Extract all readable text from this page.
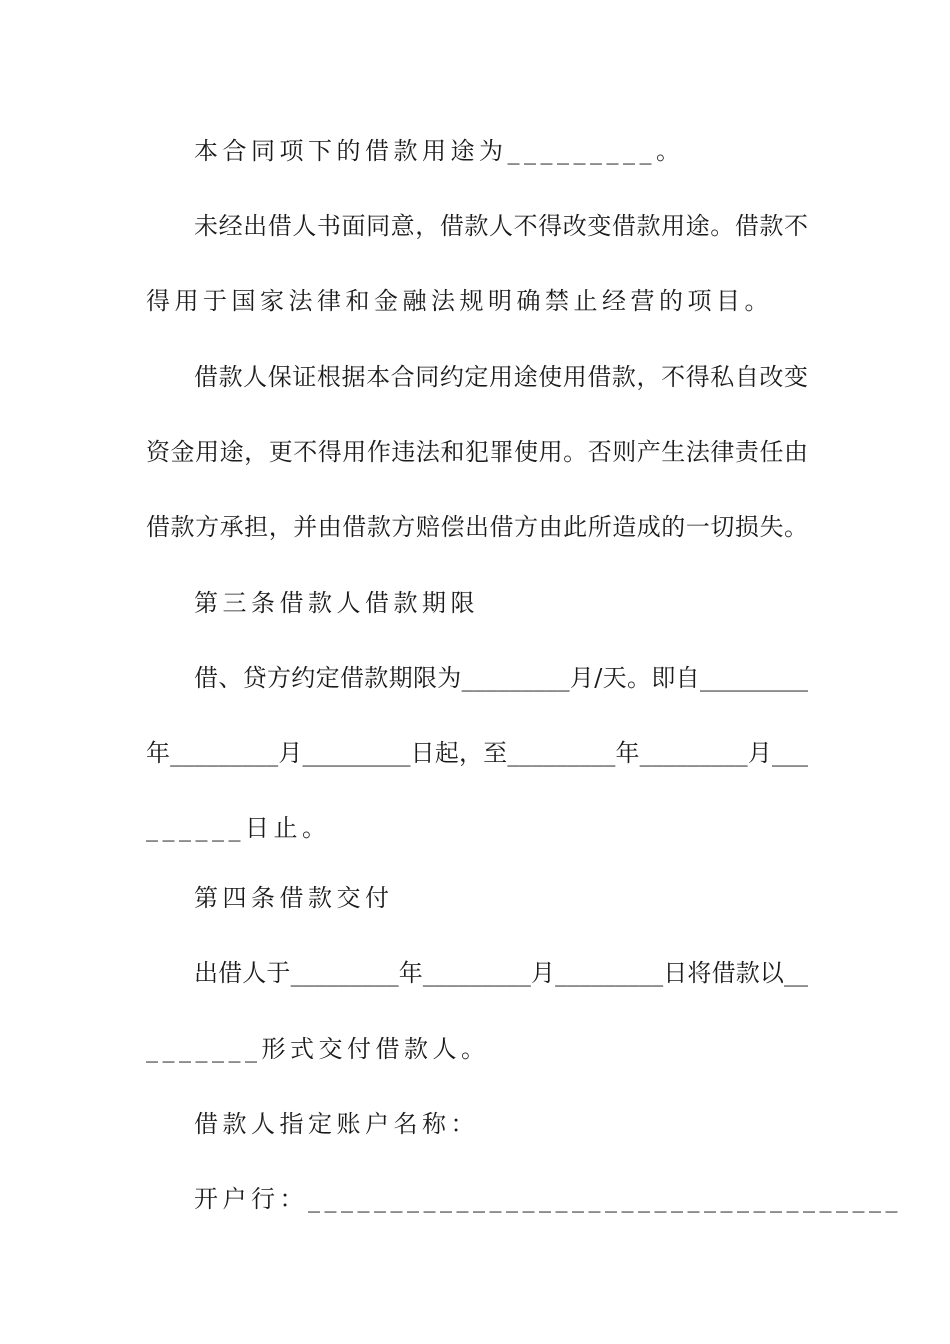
本合同项下的借款用途为_________。
未经出借人书面同意，借款人不得改变借款用途。借款不
得用于国家法律和金融法规明确禁止经营的项目。
借款人保证根据本合同约定用途使用借款，不得私自改变
资金用途，更不得用作违法和犯罪使用。否则产生法律责任由
借款方承担，并由借款方赔偿出借方由此所造成的一切损失。
第三条借款人借款期限
借、贷方约定借款期限为_________月/天。即自_________
年_________月_________日起，至_________年_________月___
______日止。
第四条借款交付
出借人于_________年_________月_________日将借款以__
_______形式交付借款人。
借款人指定账户名称：
开户行：____________________________________
